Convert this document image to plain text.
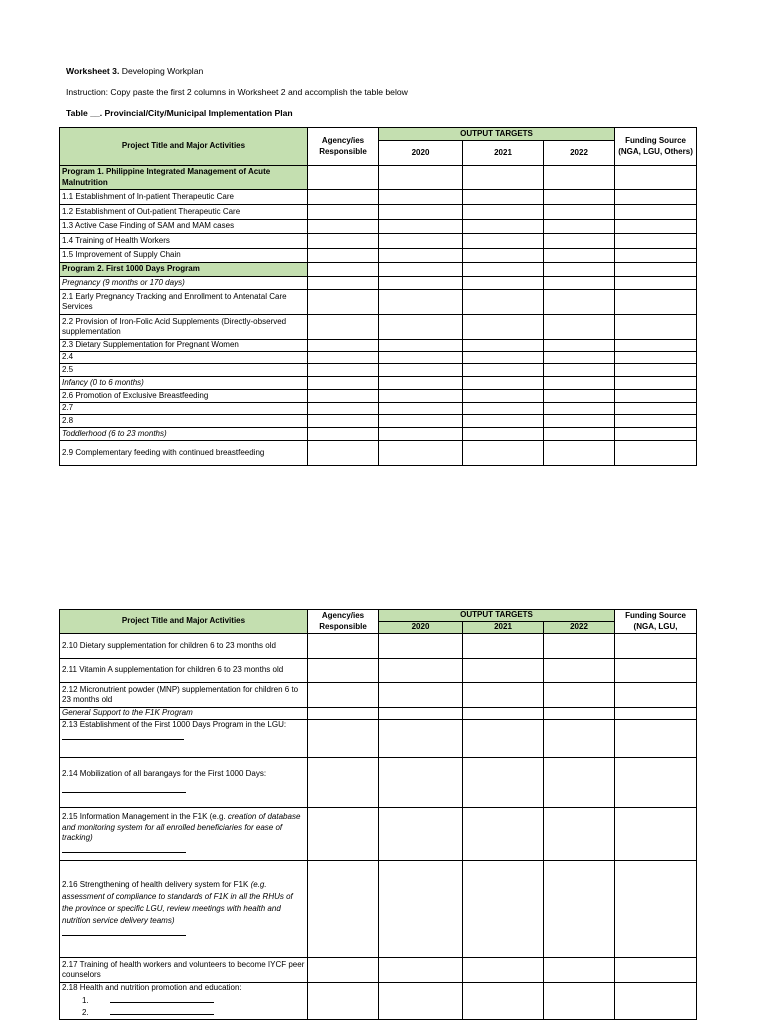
Worksheet 3. Developing Workplan
Instruction: Copy paste the first 2 columns in Worksheet 2 and accomplish the table below
Table __. Provincial/City/Municipal Implementation Plan
Project Title and Major Activities	Agency/ies Responsible	OUTPUT TARGETS			Funding Source (NGA, LGU, Others)
		2020	2021	2022	
Program 1. Philippine Integrated Management of Acute Malnutrition					
1.1 Establishment of In-patient Therapeutic Care					
1.2 Establishment of Out-patient Therapeutic Care					
1.3 Active Case Finding of SAM and MAM cases					
1.4 Training of Health Workers					
1.5 Improvement of Supply Chain					
Program 2. First 1000 Days Program					
Pregnancy (9 months or 170 days)					
2.1 Early Pregnancy Tracking and Enrollment to Antenatal Care Services					
2.2 Provision of Iron-Folic Acid Supplements (Directly-observed supplementation					
2.3 Dietary Supplementation for Pregnant Women					
2.4					
2.5					
Infancy (0 to 6 months)					
2.6 Promotion of Exclusive Breastfeeding					
2.7					
2.8					
Toddlerhood (6 to 23 months)					
2.9 Complementary feeding with continued breastfeeding					
Project Title and Major Activities	Agency/ies Responsible	OUTPUT TARGETS			Funding Source (NGA, LGU,
		2020	2021	2022	
2.10 Dietary supplementation for children 6 to 23 months old					
2.11 Vitamin A supplementation for children 6 to 23 months old					
2.12 Micronutrient powder (MNP) supplementation for children 6 to 23 months old					
General Support to the F1K Program					
2.13 Establishment of the First 1000 Days Program in the LGU:					
2.14 Mobilization of all barangays for the First 1000 Days:

2.15 Information Management in the F1K (e.g. creation of database and monitoring system for all enrolled beneficiaries for ease of tracking)

2.16 Strengthening of health delivery system for F1K (e.g. assessment of compliance to standards of F1K in all the RHUs of the province or specific LGU, review meetings with health and nutrition service delivery teams)

2.17 Training of health workers and volunteers to become IYCF peer counselors					

2.18 Health and nutrition promotion and education:
1.
2.					
